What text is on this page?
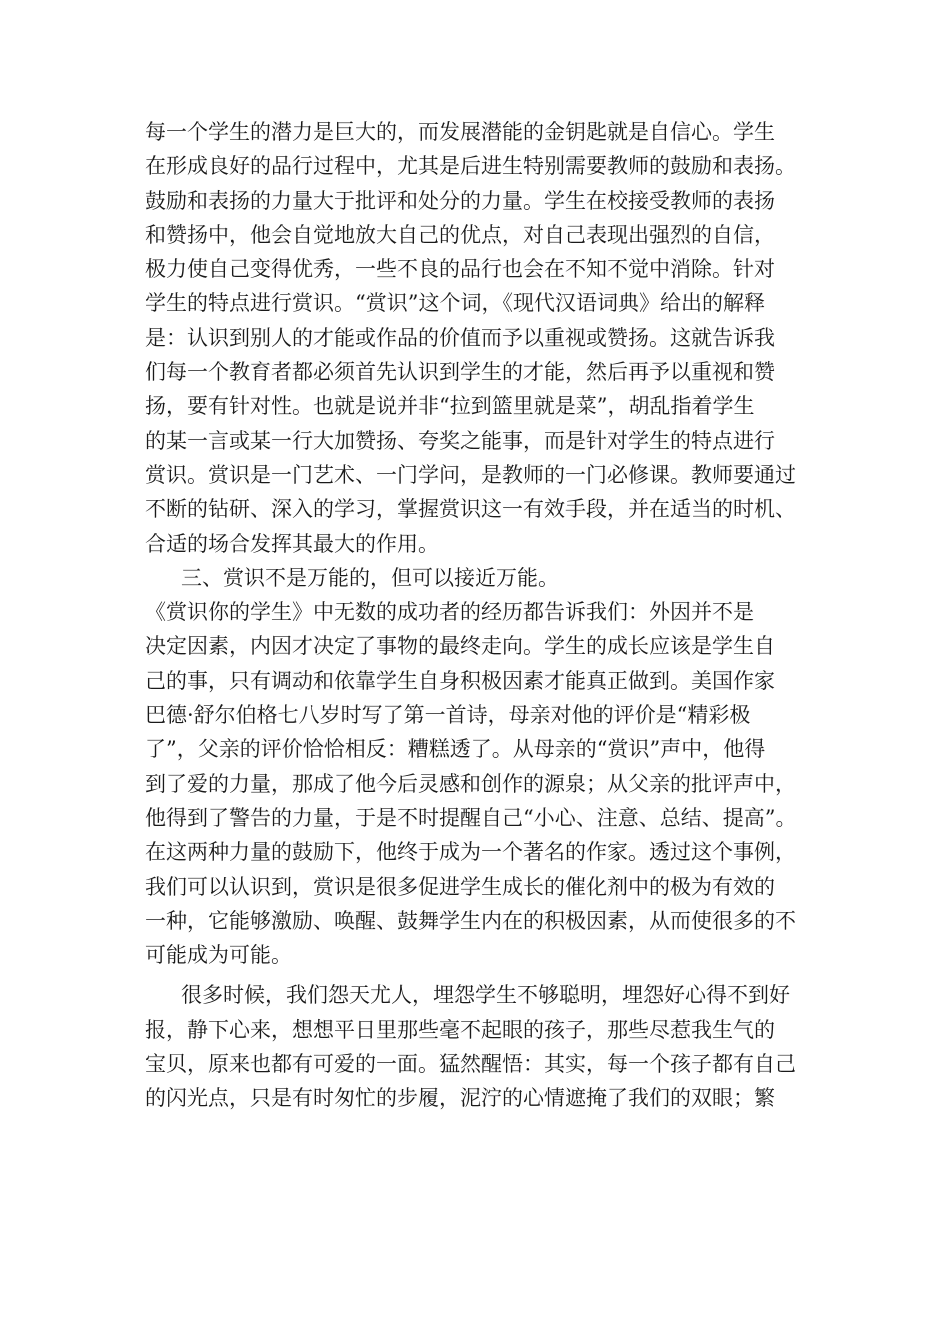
每一个学生的潜力是巨大的，而发展潜能的金钥匙就是自信心。学生
在形成良好的品行过程中，尤其是后进生特别需要教师的鼓励和表扬。
鼓励和表扬的力量大于批评和处分的力量。学生在校接受教师的表扬
和赞扬中，他会自觉地放大自己的优点，对自己表现出强烈的自信，
极力使自己变得优秀，一些不良的品行也会在不知不觉中消除。针对
学生的特点进行赏识。“赏识”这个词，《现代汉语词典》给出的解释
是：认识到别人的才能或作品的价值而予以重视或赞扬。这就告诉我
们每一个教育者都必须首先认识到学生的才能，然后再予以重视和赞
扬，要有针对性。也就是说并非“拉到篮里就是菜”，胡乱指着学生
的某一言或某一行大加赞扬、夸奖之能事，而是针对学生的特点进行
赏识。赏识是一门艺术、一门学问，是教师的一门必修课。教师要通过
不断的钻研、深入的学习，掌握赏识这一有效手段，并在适当的时机、
合适的场合发挥其最大的作用。
三、赏识不是万能的，但可以接近万能。
《赏识你的学生》中无数的成功者的经历都告诉我们：外因并不是
决定因素，内因才决定了事物的最终走向。学生的成长应该是学生自
己的事，只有调动和依靠学生自身积极因素才能真正做到。美国作家
巴德·舒尔伯格七八岁时写了第一首诗，母亲对他的评价是“精彩极
了”，父亲的评价恰恰相反：糟糕透了。从母亲的“赏识”声中，他得
到了爱的力量，那成了他今后灵感和创作的源泉；从父亲的批评声中，
他得到了警告的力量，于是不时提醒自己“小心、注意、总结、提高”。
在这两种力量的鼓励下，他终于成为一个著名的作家。透过这个事例，
我们可以认识到，赏识是很多促进学生成长的催化剂中的极为有效的
一种，它能够激励、唤醒、鼓舞学生内在的积极因素，从而使很多的不
可能成为可能。
很多时候，我们怨天尤人，埋怨学生不够聪明，埋怨好心得不到好
报，静下心来，想想平日里那些毫不起眼的孩子，那些尽惹我生气的
宝贝，原来也都有可爱的一面。猛然醒悟：其实，每一个孩子都有自己
的闪光点，只是有时匆忙的步履，泥泞的心情遮掩了我们的双眼；繁
